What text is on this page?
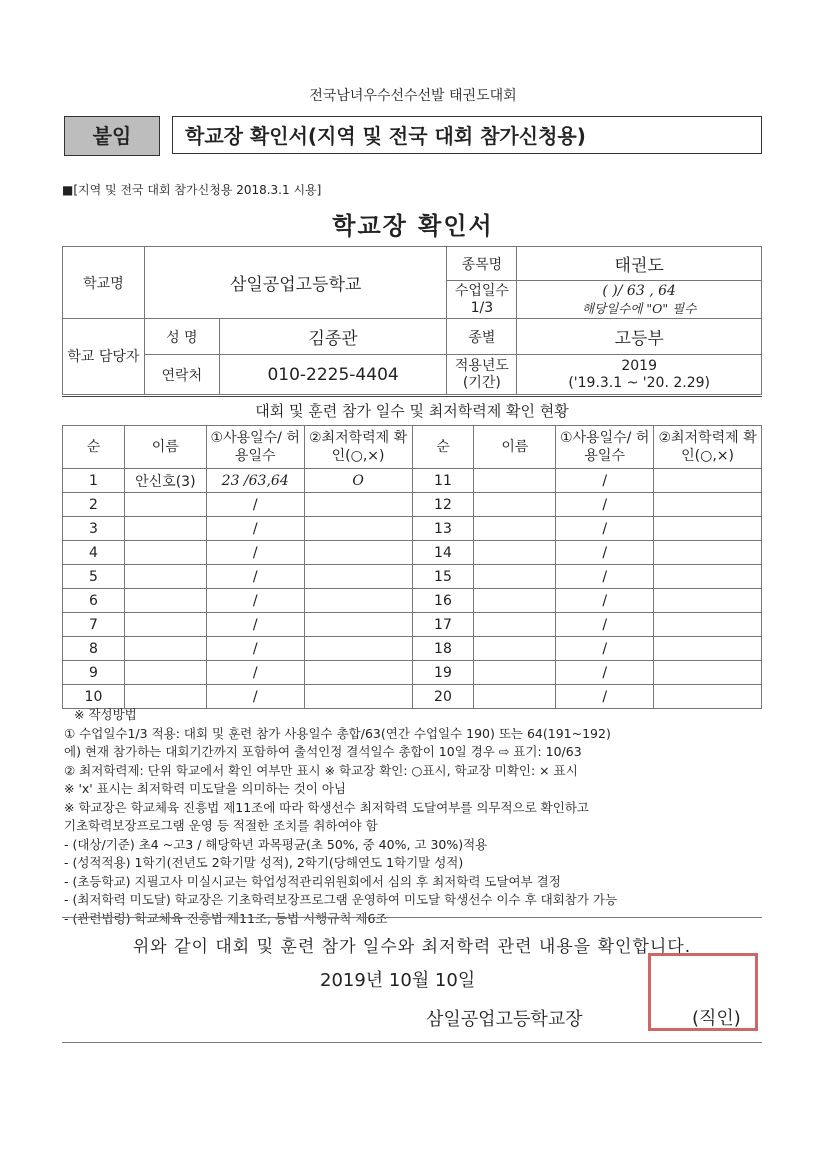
전국남녀우수선수선발 태권도대회
붙임	학교장 확인서(지역 및 전국 대회 참가신청용)
■[지역 및 전국 대회 참가신청용 2018.3.1 시용]
학교장 확인서
학교명	삼일공업고등학교		종목명	태권도
			수업일수 1/3	( )/ 63 , 64
해당일수에 "O" 필수

학교 담당자	성 명	김종관	종별	고등부
	연락처	010-2225-4404	적용년도 (기간)	2019
('19.3.1 ~ '20. 2.29)
대회 및 훈련 참가 일수 및 최저학력제 확인 현황
순	이름	①사용일수/ 허용일수	②최저학력제 확인(○,×)	순	이름	①사용일수/ 허용일수	②최저학력제 확인(○,×)
1	안신호(3)	23 /63,64	O	11		/	
2		/		12		/	
3		/		13		/	
4		/		14		/	
5		/		15		/	
6		/		16		/	
7		/		17		/	
8		/		18		/	
9		/		19		/	
10		/		20		/	
※ 작성방법
① 수업일수1/3 적용: 대회 및 훈련 참가 사용일수 총합/63(연간 수업일수 190) 또는 64(191~192)
에) 현재 참가하는 대회기간까지 포함하여 출석인정 결석일수 총합이 10일 경우 ⇨ 표기: 10/63
② 최저학력제: 단위 학교에서 확인 여부만 표시 ※ 학교장 확인: ○표시, 학교장 미확인: × 표시
※ 'x' 표시는 최저학력 미도달을 의미하는 것이 아님
※ 학교장은 학교체육 진흥법 제11조에 따라 학생선수 최저학력 도달여부를 의무적으로 확인하고
기초학력보장프로그램 운영 등 적절한 조치를 취하여야 함
- (대상/기준) 초4 ~고3 / 해당학년 과목평균(초 50%, 중 40%, 고 30%)적용
- (성적적용) 1학기(전년도 2학기말 성적), 2학기(당해연도 1학기말 성적)
- (초등학교) 지필고사 미실시교는 학업성적관리위원회에서 심의 후 최저학력 도달여부 결정
- (최저학력 미도달) 학교장은 기초학력보장프로그램 운영하여 미도달 학생선수 이수 후 대회참가 가능
- (관련법령) 학교체육 진흥법 제11조, 동법 시행규칙 제6조
위와 같이 대회 및 훈련 참가 일수와 최저학력 관련 내용을 확인합니다.
2019년 10월 10일
삼일공업고등학교장	(직인)
